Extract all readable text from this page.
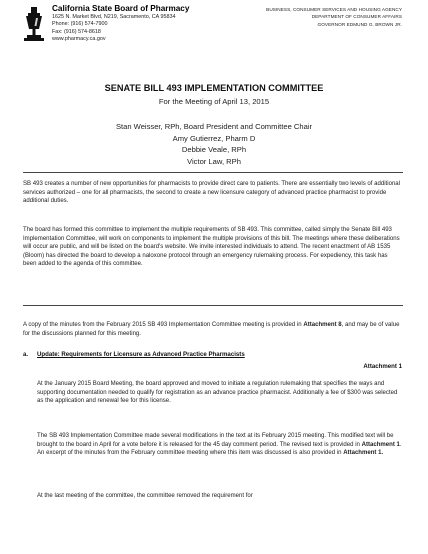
California State Board of Pharmacy
1625 N. Market Blvd, N219, Sacramento, CA 95834
Phone: (916) 574-7900
Fax: (916) 574-8618
www.pharmacy.ca.gov
BUSINESS, CONSUMER SERVICES AND HOUSING AGENCY
DEPARTMENT OF CONSUMER AFFAIRS
GOVERNOR EDMUND G. BROWN JR.
SENATE BILL 493 IMPLEMENTATION COMMITTEE
For the Meeting of April 13, 2015
Stan Weisser, RPh, Board President and Committee Chair
Amy Gutierrez, Pharm D
Debbie Veale, RPh
Victor Law, RPh

SB 493 creates a number of new opportunities for pharmacists to provide direct care to patients. There are essentially two levels of additional services authorized – one for all pharmacists, the second to create a new licensure category of advanced practice pharmacist to provide additional duties.

The board has formed this committee to implement the multiple requirements of SB 493. This committee, called simply the Senate Bill 493 Implementation Committee, will work on components to implement the multiple provisions of this bill. The meetings where these deliberations will occur are public, and will be listed on the board's website. We invite interested individuals to attend. The recent enactment of AB 1535 (Bloom) has directed the board to develop a naloxone protocol through an emergency rulemaking process. For expediency, this task has been added to the agenda of this committee.

A copy of the minutes from the February 2015 SB 493 Implementation Committee meeting is provided in Attachment 8, and may be of value for the discussions planned for this meeting.

a. Update: Requirements for Licensure as Advanced Practice Pharmacists
Attachment 1

At the January 2015 Board Meeting, the board approved and moved to initiate a regulation rulemaking that specifies the ways and supporting documentation needed to qualify for registration as an advance practice pharmacist. Additionally a fee of $300 was selected as the application and renewal fee for this license.

The SB 493 Implementation Committee made several modifications in the text at its February 2015 meeting. This modified text will be brought to the board in April for a vote before it is released for the 45 day comment period. The revised text is provided in Attachment 1. An excerpt of the minutes from the February committee meeting where this item was discussed is also provided in Attachment 1.

At the last meeting of the committee, the committee removed the requirement for
